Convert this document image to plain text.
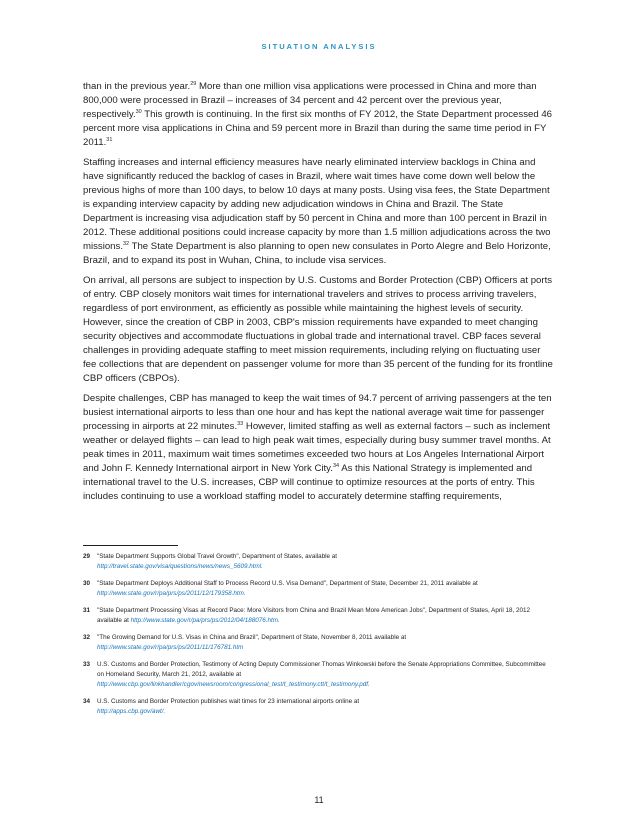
SITUATION ANALYSIS

than in the previous year.$^{29}$ More than one million visa applications were processed in China and more than 800,000 were processed in Brazil – increases of 34 percent and 42 percent over the previous year, respectively.$^{30}$ This growth is continuing. In the first six months of FY 2012, the State Department processed 46 percent more visa applications in China and 59 percent more in Brazil than during the same time period in FY 2011.31

Staffing increases and internal efficiency measures have nearly eliminated interview backlogs in China and have significantly reduced the backlog of cases in Brazil, where wait times have come down well below the previous highs of more than 100 days, to below 10 days at many posts. Using visa fees, the State Department is expanding interview capacity by adding new adjudication windows in China and Brazil. The State Department is increasing visa adjudication staff by 50 percent in China and more than 100 percent in Brazil in 2012. These additional positions could increase capacity by more than 1.5 million adjudications across the two missions.$^{32}$ The State Department is also planning to open new consulates in Porto Alegre and Belo Horizonte, Brazil, and to expand its post in Wuhan, China, to include visa services.

On arrival, all persons are subject to inspection by U.S. Customs and Border Protection (CBP) Officers at ports of entry. CBP closely monitors wait times for international travelers and strives to process arriving travelers, regardless of port environment, as efficiently as possible while maintaining the highest levels of security. However, since the creation of CBP in 2003, CBP's mission requirements have expanded to meet changing security objectives and accommodate fluctuations in global trade and international travel. CBP faces several challenges in providing adequate staffing to meet mission requirements, including relying on fluctuating user fee collections that are dependent on passenger volume for more than 35 percent of the funding for its frontline CBP officers (CBPOs).

Despite challenges, CBP has managed to keep the wait times of 94.7 percent of arriving passengers at the ten busiest international airports to less than one hour and has kept the national average wait time for passenger processing in airports at 22 minutes.$^{33}$ However, limited staffing as well as external factors – such as inclement weather or delayed flights – can lead to high peak wait times, especially during busy summer travel months. At peak times in 2011, maximum wait times sometimes exceeded two hours at Los Angeles International Airport and John F. Kennedy International airport in New York City.$^{34}$ As this National Strategy is implemented and international travel to the U.S. increases, CBP will continue to optimize resources at the ports of entry. This includes continuing to use a workload staffing model to accurately determine staffing requirements,

29	"State Department Supports Global Travel Growth", Department of States, available at
http://travel.state.gov/visa/questions/news/news_5609.html.
30	"State Department Deploys Additional Staff to Process Record U.S. Visa Demand", Department of State, December 21, 2011 available at http://www.state.gov/r/pa/prs/ps/2011/12/179358.htm.
31	"State Department Processing Visas at Record Pace: More Visitors from China and Brazil Mean More American Jobs", Department of States, April 18, 2012 available at http://www.state.gov/r/pa/prs/ps/2012/04/188076.htm.
32	"The Growing Demand for U.S. Visas in China and Brazil", Department of State, November 8, 2011 available at
http://www.state.gov/r/pa/prs/ps/2011/11/176781.htm
33	U.S. Customs and Border Protection, Testimony of Acting Deputy Commissioner Thomas Winkowski before the Senate Appropriations Committee, Subcommittee on Homeland Security, March 21, 2012, available at
http://www.cbp.gov/linkhandler/cgov/newsroom/congressional_test/t_testimony.ctt/t_testimony.pdf.
34	U.S. Customs and Border Protection publishes wait times for 23 international airports online at
http://apps.cbp.gov/awt/.
11
